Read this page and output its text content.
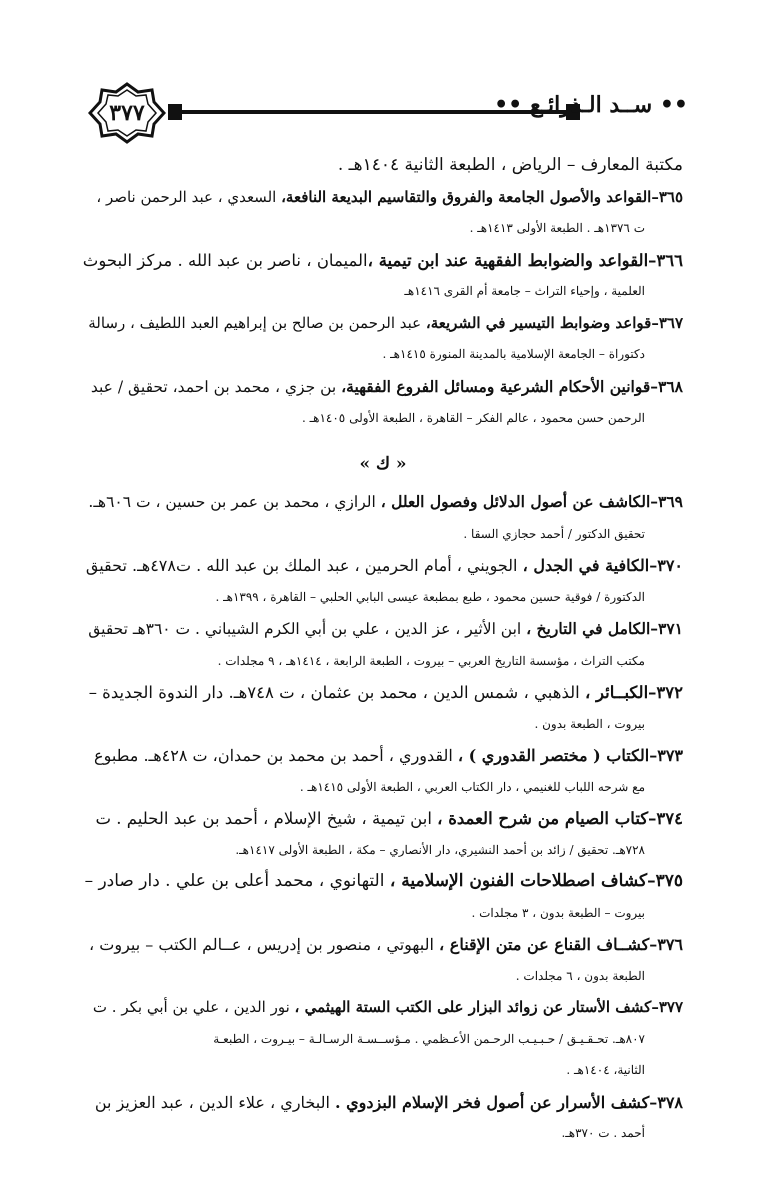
٣٧٧	•• ســد الـذرائـع ••
مكتبة المعارف – الرياض ، الطبعة الثانية ١٤٠٤هـ .
٣٦٥–القواعد والأصول الجامعة والفروق والتقاسيم البديعة النافعة، السعدي ، عبد الرحمن ناصر ،
ت ١٣٧٦هـ . الطبعة الأولى ١٤١٣هـ .
٣٦٦–القواعد والضوابط الفقهية عند ابن تيمية ،الميمان ، ناصر بن عبد الله . مركز البحوث
العلمية ، وإحياء التراث – جامعة أم القرى ١٤١٦هـ
٣٦٧–قواعد وضوابط التيسير في الشريعة، عبد الرحمن بن صالح بن إبراهيم العبد اللطيف ، رسالة
دكتوراة – الجامعة الإسلامية بالمدينة المنورة ١٤١٥هـ .
٣٦٨–قوانين الأحكام الشرعية ومسائل الفروع الفقهية، بن جزي ، محمد بن احمد، تحقيق / عبد
الرحمن حسن محمود ، عالم الفكر – القاهرة ، الطبعة الأولى ١٤٠٥هـ .
« ك »
٣٦٩–الكاشف عن أصول الدلائل وفصول العلل ، الرازي ، محمد بن عمر بن حسين ، ت ٦٠٦هـ.
تحقيق الدكتور / أحمد حجازي السقا .
٣٧٠–الكافية في الجدل ، الجويني ، أمام الحرمين ، عبد الملك بن عبد الله . ت٤٧٨هـ. تحقيق
الدكتورة / فوقية حسين محمود ، طبع بمطبعة عيسى البابي الحلبي – القاهرة ، ١٣٩٩هـ .
٣٧١–الكامل في التاريخ ، ابن الأثير ، عز الدين ، علي بن أبي الكرم الشيباني . ت ٣٦٠هـ تحقيق
مكتب التراث ، مؤسسة التاريخ العربي – بيروت ، الطبعة الرابعة ، ١٤١٤هـ ، ٩ مجلدات .
٣٧٢–الكبــائر ، الذهبي ، شمس الدين ، محمد بن عثمان ، ت ٧٤٨هـ. دار الندوة الجديدة –
بيروت ، الطبعة بدون .
٣٧٣–الكتاب ( مختصر القدوري ) ، القدوري ، أحمد بن محمد بن حمدان، ت ٤٢٨هـ. مطبوع
مع شرحه اللباب للغنيمي ، دار الكتاب العربي ، الطبعة الأولى ١٤١٥هـ .
٣٧٤–كتاب الصيام من شرح العمدة ، ابن تيمية ، شيخ الإسلام ، أحمد بن عبد الحليم . ت
٧٢٨هـ. تحقيق / زائد بن أحمد النشيري، دار الأنصاري – مكة ، الطبعة الأولى ١٤١٧هـ.
٣٧٥–كشاف اصطلاحات الفنون الإسلامية ، التهانوي ، محمد أعلى بن علي . دار صادر –
بيروت – الطبعة بدون ، ٣ مجلدات .
٣٧٦–كشــاف القناع عن متن الإقناع ، البهوتي ، منصور بن إدريس ، عــالم الكتب – بيروت ،
الطبعة بدون ، ٦ مجلدات .
٣٧٧–كشف الأستار عن زوائد البزار على الكتب الستة الهيثمي ، نور الدين ، علي بن أبي بكر . ت
٨٠٧هـ. تحـقـيـق / حـبـيـب الرحـمن الأعـظمي . مـؤســسـة الرسـالـة – بيـروت ، الطبعـة
الثانية، ١٤٠٤هـ .
٣٧٨–كشف الأسرار عن أصول فخر الإسلام البزدوي . البخاري ، علاء الدين ، عبد العزيز بن
أحمد . ت ٣٧٠هـ.
